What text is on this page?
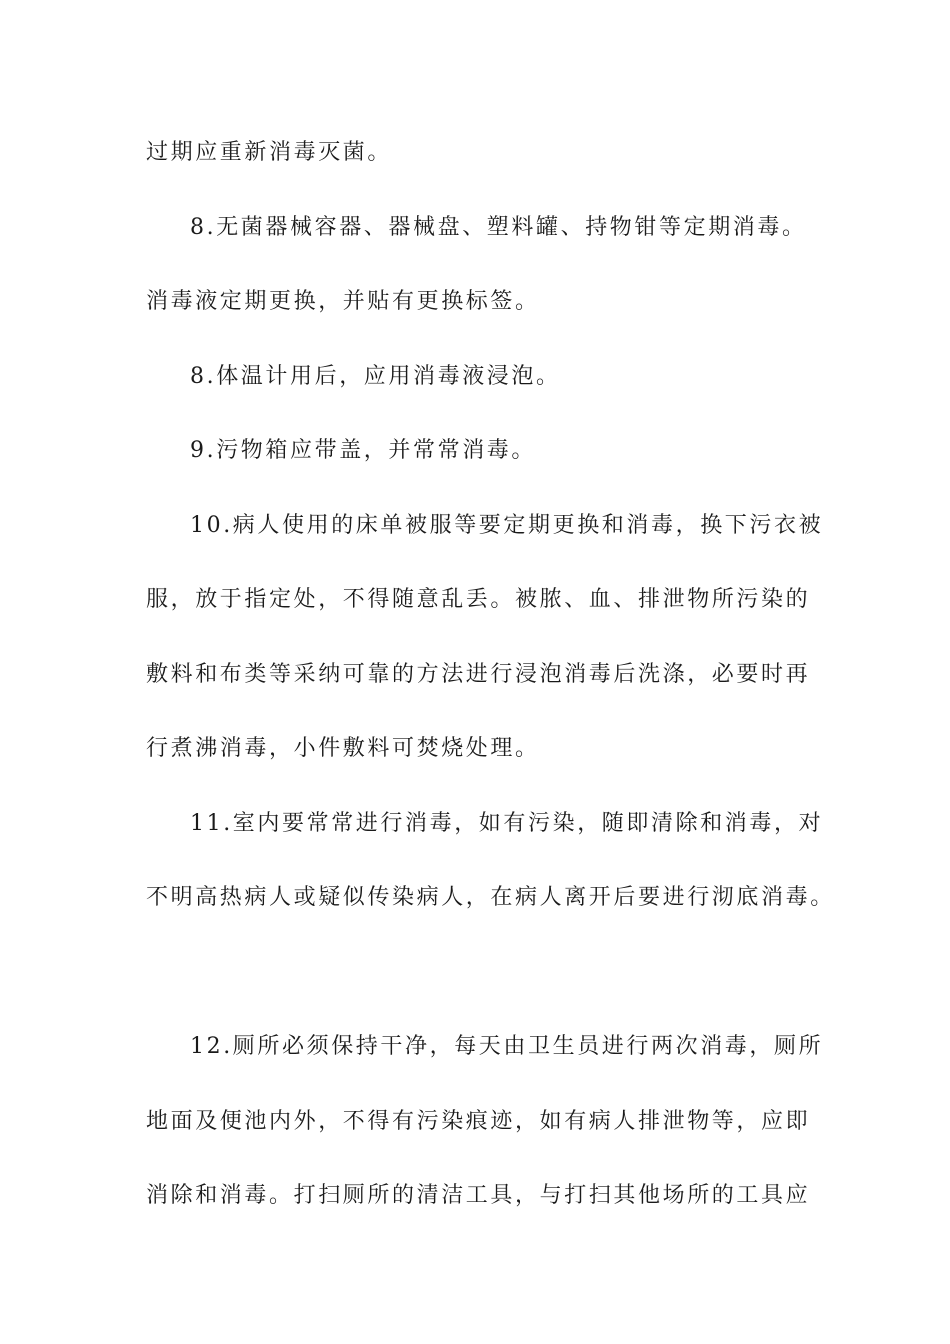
过期应重新消毒灭菌。
8.无菌器械容器、器械盘、塑料罐、持物钳等定期消毒。
消毒液定期更换，并贴有更换标签。
8.体温计用后，应用消毒液浸泡。
9.污物箱应带盖，并常常消毒。
10.病人使用的床单被服等要定期更换和消毒，换下污衣被
服，放于指定处，不得随意乱丢。被脓、血、排泄物所污染的
敷料和布类等采纳可靠的方法进行浸泡消毒后洗涤，必要时再
行煮沸消毒，小件敷料可焚烧处理。
11.室内要常常进行消毒，如有污染，随即清除和消毒，对
不明高热病人或疑似传染病人，在病人离开后要进行沏底消毒。
12.厕所必须保持干净，每天由卫生员进行两次消毒，厕所
地面及便池内外，不得有污染痕迹，如有病人排泄物等，应即
消除和消毒。打扫厕所的清洁工具，与打扫其他场所的工具应
